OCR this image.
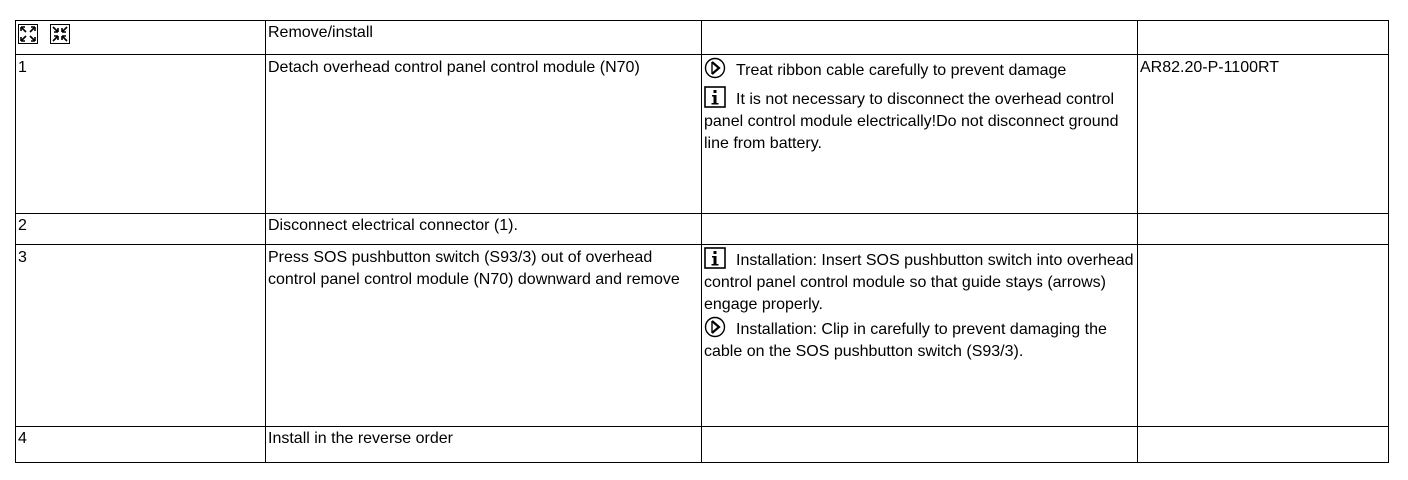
	Remove/install		
1	Detach overhead control panel control module (N70)	Treat ribbon cable carefully to prevent damage
It is not necessary to disconnect the overhead control panel control module electrically!Do not disconnect ground line from battery.	AR82.20-P-1100RT
2	Disconnect electrical connector (1).		
3	Press SOS pushbutton switch (S93/3) out of overhead control panel control module (N70) downward and remove	Installation: Insert SOS pushbutton switch into overhead control panel control module so that guide stays (arrows) engage properly.
Installation: Clip in carefully to prevent damaging the cable on the SOS pushbutton switch (S93/3).	

4	Install in the reverse order		
